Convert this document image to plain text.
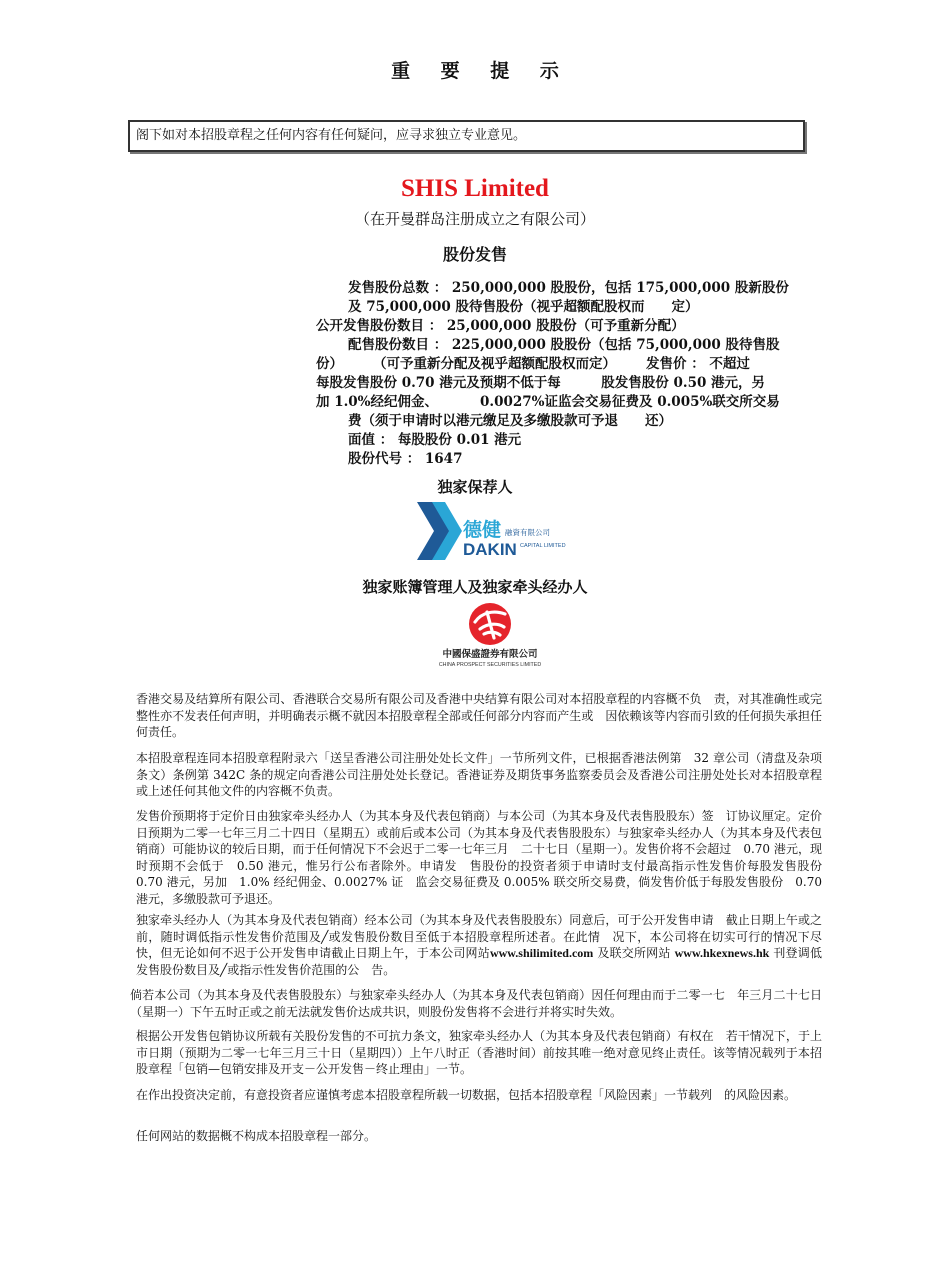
重 要 提 示
阁下如对本招股章程之任何内容有任何疑问，应寻求独立专业意见。
SHIS Limited
（在开曼群岛注册成立之有限公司）
股份发售
发售股份总数 ： 250,000,000 股股份，包括 175,000,000 股新股份
及 75,000,000 股待售股份（视乎超额配股权而　　定）
公开发售股份数目 ： 25,000,000 股股份（可予重新分配）
配售股份数目 ： 225,000,000 股股份（包括 75,000,000 股待售股
份） （可予重新分配及视乎超额配股权而定） 发售价 ： 不超过
每股发售股份 0.70 港元及预期不低于每　　　股发售股份 0.50 港元，另
加 1.0%经纪佣金、	0.0027%证监会交易征费及 0.005%联交所交易
费（须于申请时以港元缴足及多缴股款可予退　　还）
面值 ： 每股股份 0.01 港元
股份代号 ： 1647
独家保荐人
德健 融資有限公司
DAKIN CAPITAL LIMITED
独家账簿管理人及独家牵头经办人
中國保盛證券有限公司
CHINA PROSPECT SECURITIES LIMITED

香港交易及结算所有限公司、香港联合交易所有限公司及香港中央结算有限公司对本招股章程的内容概不负　责，对其准确性或完整性亦不发表任何声明，并明确表示概不就因本招股章程全部或任何部分内容而产生或　因依赖该等内容而引致的任何损失承担任何责任。

本招股章程连同本招股章程附录六「送呈香港公司注册处处长文件」一节所列文件，已根据香港法例第　32 章公司（清盘及杂项条文）条例第 342C 条的规定向香港公司注册处处长登记。香港证券及期货事务监察委员会及香港公司注册处处长对本招股章程或上述任何其他文件的内容概不负责。

发售价预期将于定价日由独家牵头经办人（为其本身及代表包销商）与本公司（为其本身及代表售股股东）签　订协议厘定。定价日预期为二零一七年三月二十四日（星期五）或前后或本公司（为其本身及代表售股股东）与独家牵头经办人（为其本身及代表包销商）可能协议的较后日期，而于任何情况下不会迟于二零一七年三月　二十七日（星期一）。发售价将不会超过　0.70 港元，现时预期不会低于　0.50 港元，惟另行公布者除外。申请发　售股份的投资者须于申请时支付最高指示性发售价每股发售股份　0.70 港元，另加　1.0% 经纪佣金、0.0027% 证　监会交易征费及 0.005% 联交所交易费，倘发售价低于每股发售股份　0.70 港元，多缴股款可予退还。

独家牵头经办人（为其本身及代表包销商）经本公司（为其本身及代表售股股东）同意后，可于公开发售申请　截止日期上午或之前，随时调低指示性发售价范围及╱或发售股份数目至低于本招股章程所述者。在此情　况下，本公司将在切实可行的情况下尽快，但无论如何不迟于公开发售申请截止日期上午，于本公司网站www.shilimited.com 及联交所网站 www.hkexnews.hk 刊登调低发售股份数目及╱或指示性发售价范围的公　告。

倘若本公司（为其本身及代表售股股东）与独家牵头经办人（为其本身及代表包销商）因任何理由而于二零一七　年三月二十七日（星期一）下午五时正或之前无法就发售价达成共识，则股份发售将不会进行并将实时失效。

根据公开发售包销协议所载有关股份发售的不可抗力条文，独家牵头经办人（为其本身及代表包销商）有权在　若干情况下，于上市日期（预期为二零一七年三月三十日（星期四））上午八时正（香港时间）前按其唯一绝对意见终止责任。该等情况载列于本招股章程「包销—包销安排及开支－公开发售－终止理由」一节。

在作出投资决定前，有意投资者应谨慎考虑本招股章程所载一切数据，包括本招股章程「风险因素」一节载列　的风险因素。

任何网站的数据概不构成本招股章程一部分。
